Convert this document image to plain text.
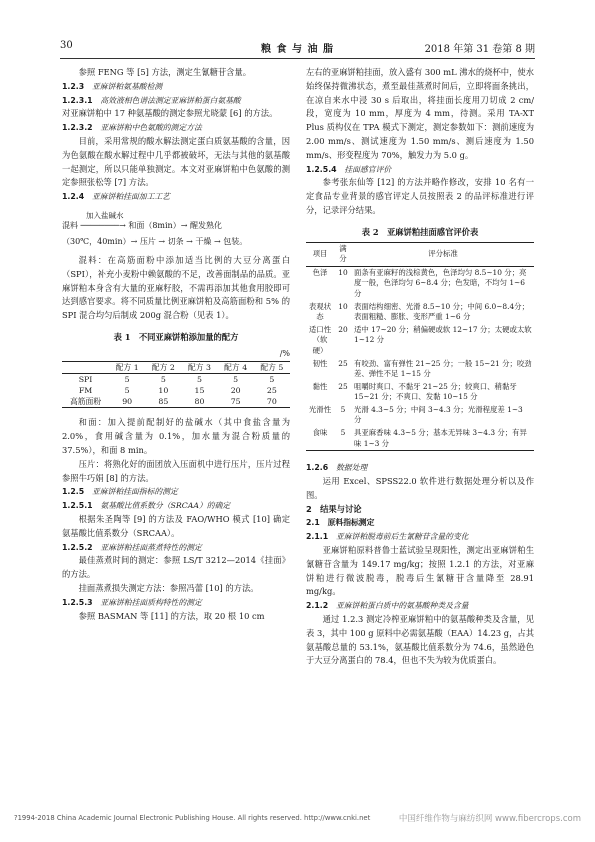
30	粮 食 与 油 脂	2018 年第 31 卷第 8 期

参照 FENG 等 [5] 方法，测定生氰糖苷含量。

1.2.3　 亚麻饼粕氨基酸检测

1.2.3.1　 高效液相色谱法测定亚麻饼粕蛋白氨基酸

对亚麻饼粕中 17 种氨基酸的测定参照尤晓蒙 [6] 的方法。

1.2.3.2　 亚麻饼粕中色氨酸的测定方法

目前，采用常规的酸水解法测定蛋白质氨基酸的含量，因为色氨酸在酸水解过程中几乎都被破坏，无法与其他的氨基酸一起测定，所以只能单独测定。本文对亚麻饼粕中色氨酸的测定参照张松等 [7] 方法。

1.2.4　 亚麻饼粕挂面加工工艺

加入盐碱水
混料 ────────→ 和面（8min）→ 醒发熟化
（30℃，40min）→ 压片 → 切条 → 干燥 → 包装。

混料：在高筋面粉中添加适当比例的大豆分离蛋白（SPI），补充小麦粉中赖氨酸的不足，改善面制品的品质。亚麻饼粕本身含有大量的亚麻籽胶，不需再添加其他食用胶即可达到感官要求。将不同质量比例亚麻饼粕及高筋面粉和 5% 的 SPI 混合均匀后制成 200g 混合粉（见表 1）。

表 1　不同亚麻饼粕添加量的配方

/%

	配方 1	配方 2	配方 3	配方 4	配方 5
SPI	5	5	5	5	5
FM	5	10	15	20	25
高筋面粉	90	85	80	75	70

和面：加入提前配制好的盐碱水（其中食盐含量为 2.0%，食用碱含量为 0.1%，加水量为混合粉质量的 37.5%），和面 8 min。

压片：将熟化好的面团放入压面机中进行压片，压片过程参照牛巧娟 [8] 的方法。

1.2.5　 亚麻饼粕挂面指标的测定

1.2.5.1　 氨基酸比值系数分（SRCAA）的确定

根据朱圣陶等 [9] 的方法及 FAO/WHO 模式 [10] 确定氨基酸比值系数分（SRCAA）。

1.2.5.2　 亚麻饼粕挂面蒸煮特性的测定

最佳蒸煮时间的测定：参照 LS/T 3212—2014《挂面》的方法。

挂面蒸煮损失测定方法：参照冯蕾 [10] 的方法。

1.2.5.3　 亚麻饼粕挂面质构特性的测定

参照 BASMAN 等 [11] 的方法，取 20 根 10 cm

左右的亚麻饼粕挂面，放入盛有 300 mL 沸水的烧杯中，使水始终保持微沸状态，煮至最佳蒸煮时间后，立即将面条挑出，在凉自来水中浸 30 s 后取出，将挂面长度用刀切成 2 cm/ 段，宽度为 10 mm，厚度为 4 mm，待测。采用 TA-XT Plus 质构仪在 TPA 模式下测定，测定参数如下：测前速度为 2.00 mm/s、测试速度为 1.50 mm/s、测后速度为 1.50 mm/s、形变程度为 70%，触发力为 5.0 g。

1.2.5.4　 挂面感官评价

参考张东仙等 [12] 的方法并略作修改，安排 10 名有一定食品专业背景的感官评定人员按照表 2 的品评标准进行评分，记录评分结果。

表 2　亚麻饼粕挂面感官评价表

项目	满分	评分标准
色泽	10	面条有亚麻籽的浅棕黄色，色泽均匀 8.5~10 分；亮度一般，色泽均匀 6~8.4 分；色发暗，不均匀 1~6 分
表观状态	10	表面结构细密、光滑 8.5~10 分；中间 6.0~8.4分；表面粗糙、膨胀、变形严重 1~6 分
适口性（软硬）	20	适中 17~20 分；稍偏硬或软 12~17 分；太硬或太软 1~12 分
韧性	25	有咬劲、富有弹性 21~25 分；一般 15~21 分；咬劲差、弹性不足 1~15 分
黏性	25	咀嚼时爽口、不黏牙 21~25 分；较爽口、稍黏牙 15~21 分；不爽口、发黏 10~15 分
光滑性	5	光滑 4.3~5 分；中间 3~4.3 分；光滑程度差 1~3 分
食味	5	具亚麻香味 4.3~5 分；基本无异味 3~4.3 分；有异味 1~3 分

1.2.6　 数据处理

运用 Excel、SPSS22.0 软件进行数据处理分析以及作图。

2　结果与讨论

2.1　原料指标测定

2.1.1　 亚麻饼粕脱毒前后生氰糖苷含量的变化

亚麻饼粕原料普鲁士蓝试验呈现阳性，测定出亚麻饼粕生氰糖苷含量为 149.17 mg/kg；按照 1.2.1 的方法，对亚麻饼粕进行微波脱毒，脱毒后生氰糖苷含量降至 28.91 mg/kg。

2.1.2　 亚麻饼粕蛋白质中的氨基酸种类及含量

通过 1.2.3 测定冷榨亚麻饼粕中的氨基酸种类及含量，见表 3，其中 100 g 原料中必需氨基酸（EAA）14.23 g，占其氨基酸总量的 53.1%，氨基酸比值系数分为 74.6，虽然逊色于大豆分离蛋白的 78.4，但也不失为较为优质蛋白。

?1994-2018 China Academic Journal Electronic Publishing House. All rights reserved. http://www.cnki.net	中国纤维作物与麻纺织网 www.fibercrops.com
